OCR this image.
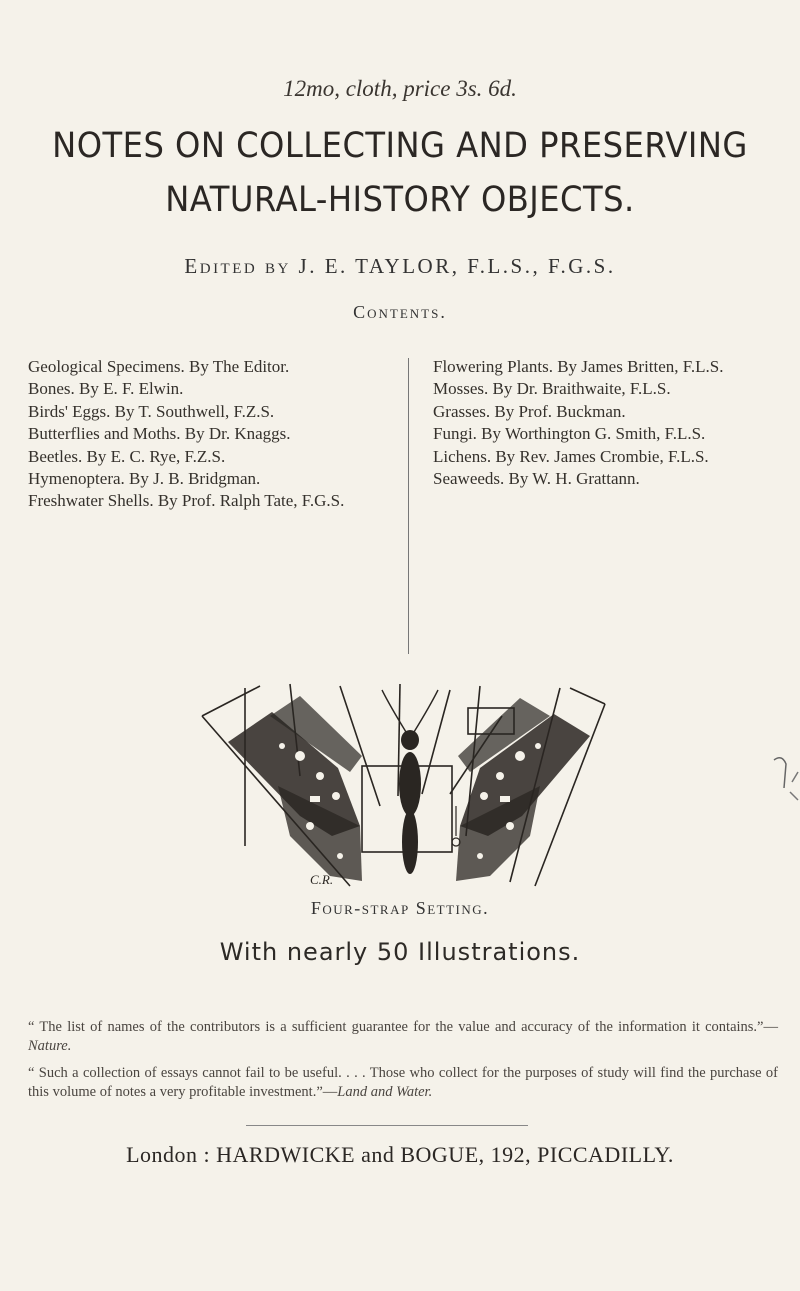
12mo, cloth, price 3s. 6d.
NOTES ON COLLECTING AND PRESERVING
NATURAL-HISTORY OBJECTS.
Edited by J. E. TAYLOR, F.L.S., F.G.S.
Contents.
Geological Specimens. By The Editor.
Bones. By E. F. Elwin.
Birds' Eggs. By T. Southwell, F.Z.S.
Butterflies and Moths. By Dr. Knaggs.
Beetles. By E. C. Rye, F.Z.S.
Hymenoptera. By J. B. Bridgman.
Freshwater Shells. By Prof. Ralph Tate, F.G.S.
Flowering Plants. By James Britten, F.L.S.
Mosses. By Dr. Braithwaite, F.L.S.
Grasses. By Prof. Buckman.
Fungi. By Worthington G. Smith, F.L.S.
Lichens. By Rev. James Crombie, F.L.S.
Seaweeds. By W. H. Grattann.
C.R.
Four-strap Setting.
With nearly 50 Illustrations.
“ The list of names of the contributors is a sufficient guarantee for the value and accuracy of the information it contains.”—Nature.
“ Such a collection of essays cannot fail to be useful. . . . Those who collect for the purposes of study will find the purchase of this volume of notes a very profitable investment.”—Land and Water.
London : HARDWICKE and BOGUE, 192, PICCADILLY.
